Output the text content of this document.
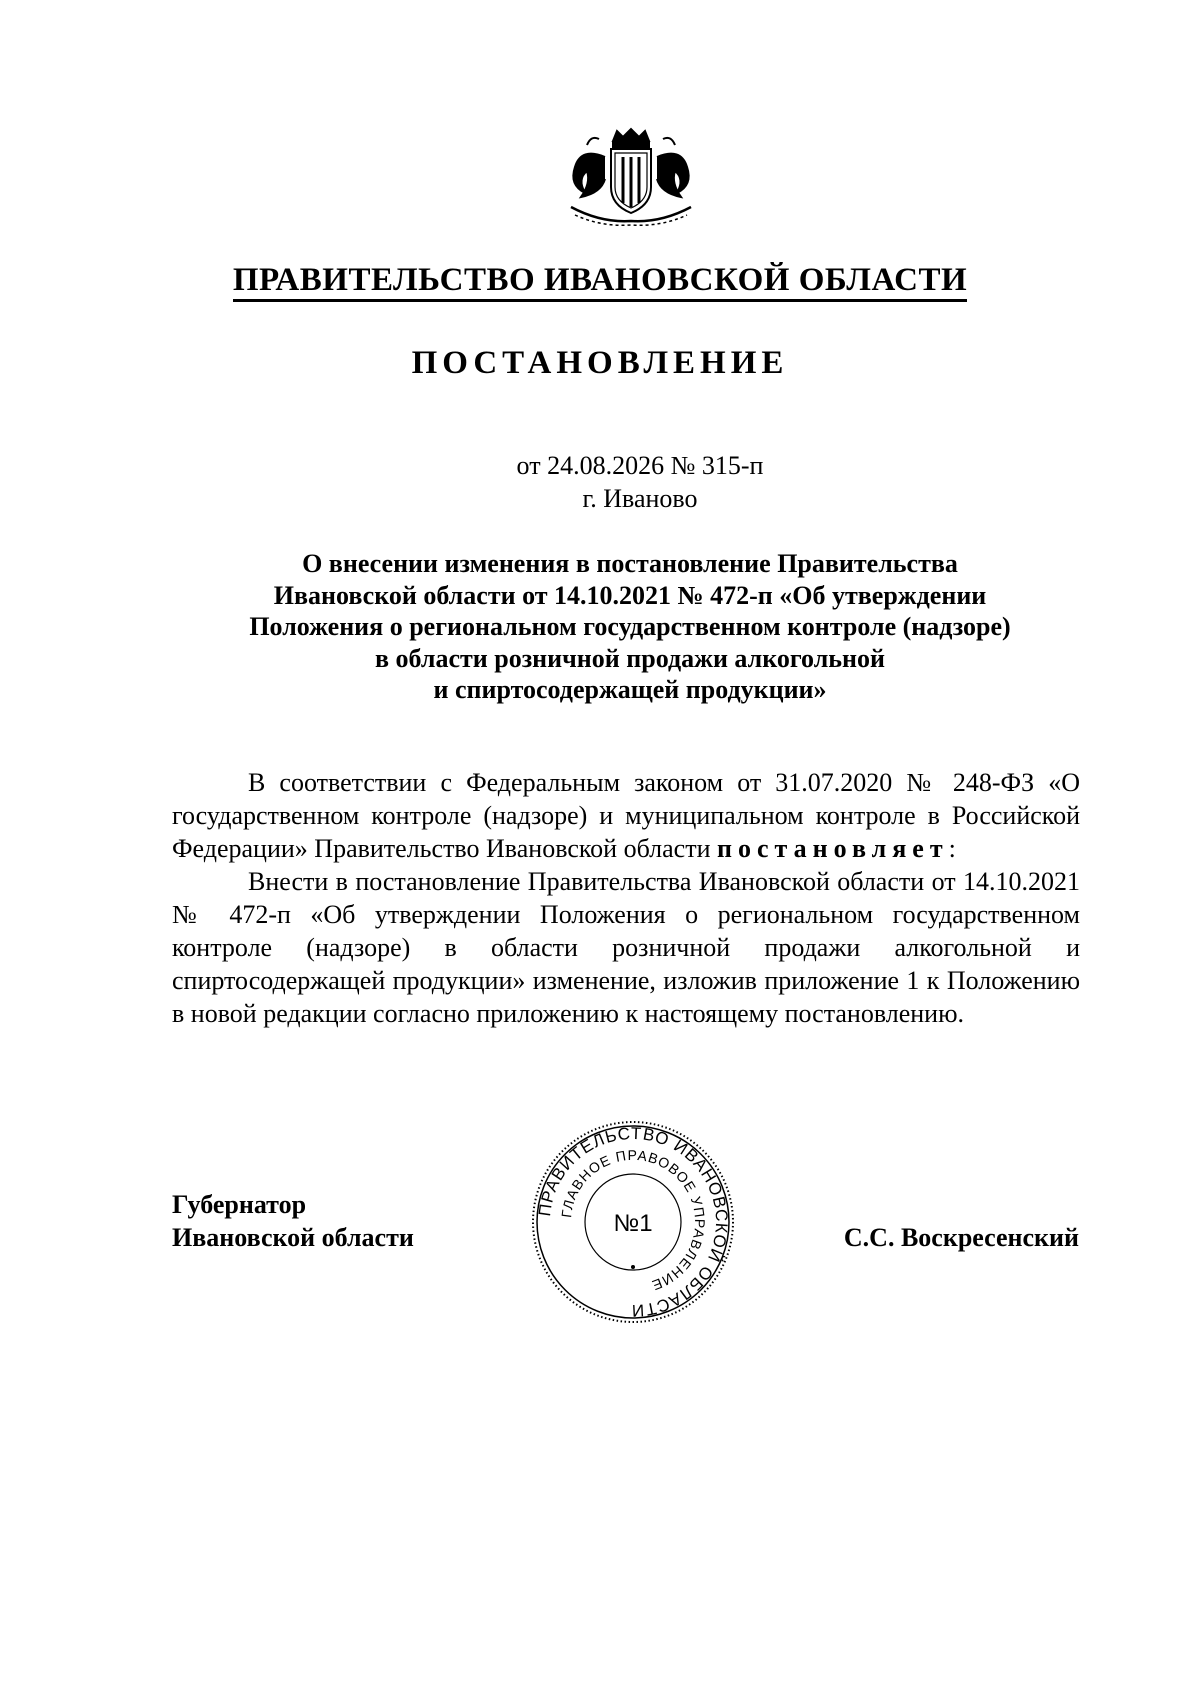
ПРАВИТЕЛЬСТВО ИВАНОВСКОЙ ОБЛАСТИ
ПОСТАНОВЛЕНИЕ
от 24.08.2026 № 315-п
г. Иваново
О внесении изменения в постановление Правительства
Ивановской области от 14.10.2021 № 472-п «Об утверждении
Положения о региональном государственном контроле (надзоре)
в области розничной продажи алкогольной
и спиртосодержащей продукции»

В соответствии с Федеральным законом от 31.07.2020 № 248-ФЗ «О государственном контроле (надзоре) и муниципальном контроле в Российской Федерации» Правительство Ивановской области постановляет:

Внести в постановление Правительства Ивановской области от 14.10.2021 № 472-п «Об утверждении Положения о региональном государственном контроле (надзоре) в области розничной продажи алкогольной и спиртосодержащей продукции» изменение, изложив приложение 1 к Положению в новой редакции согласно приложению к настоящему постановлению.

Губернатор
Ивановской области
ПРАВИТЕЛЬСТВО ИВАНОВСКОЙ ОБЛАСТИ
ГЛАВНОЕ ПРАВОВОЕ УПРАВЛЕНИЕ
№1	С.С. Воскресенский
